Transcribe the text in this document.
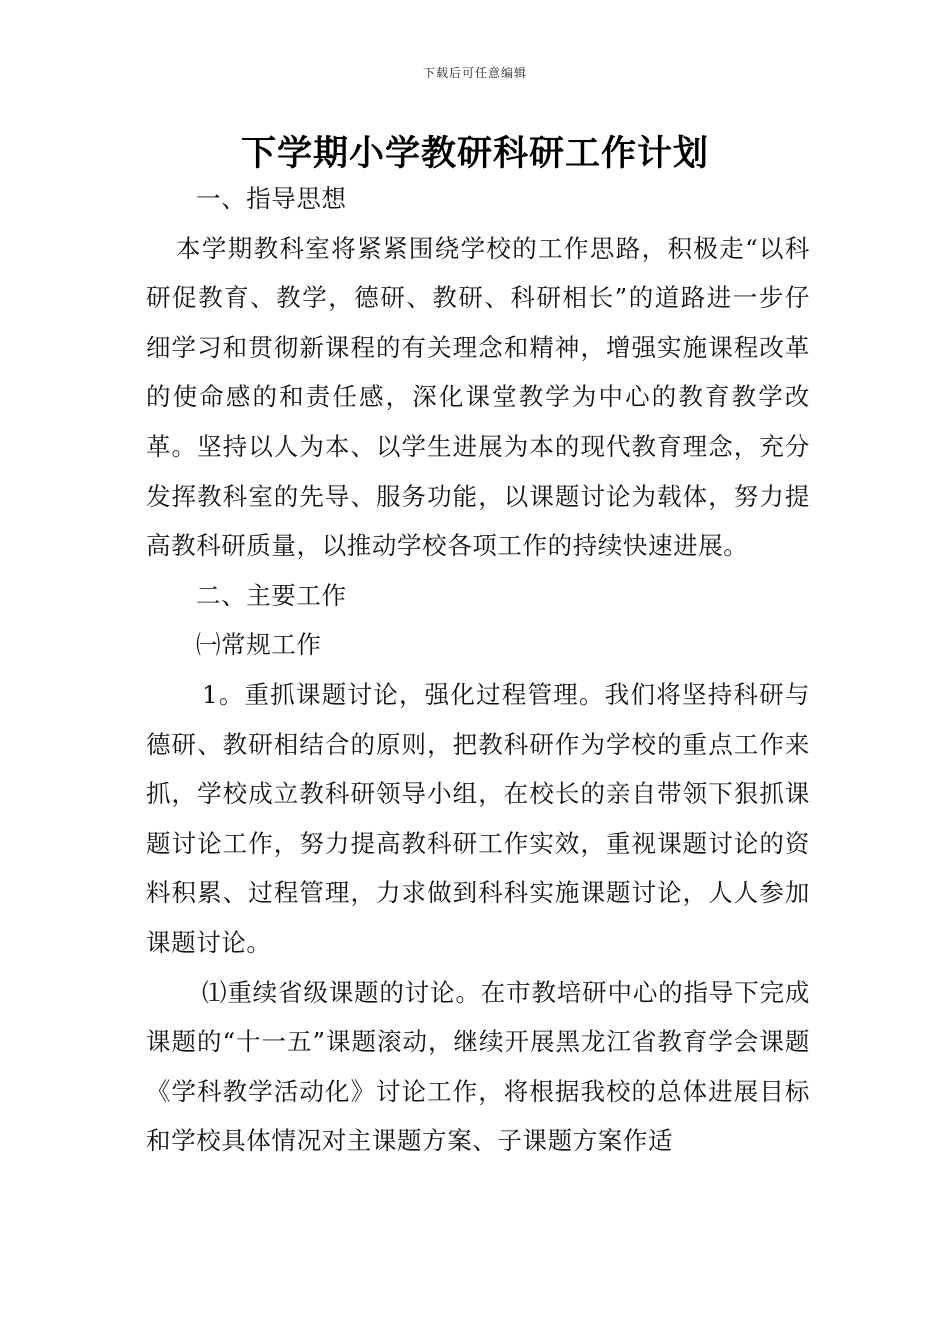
下载后可任意编辑
下学期小学教研科研工作计划

一、指导思想

本学期教科室将紧紧围绕学校的工作思路，积极走“以科研促教育、教学，德研、教研、科研相长”的道路进一步仔细学习和贯彻新课程的有关理念和精神，增强实施课程改革的使命感的和责任感，深化课堂教学为中心的教育教学改革。坚持以人为本、以学生进展为本的现代教育理念，充分发挥教科室的先导、服务功能，以课题讨论为载体，努力提高教科研质量，以推动学校各项工作的持续快速进展。

二、主要工作

㈠常规工作

1。重抓课题讨论，强化过程管理。我们将坚持科研与德研、教研相结合的原则，把教科研作为学校的重点工作来抓，学校成立教科研领导小组，在校长的亲自带领下狠抓课题讨论工作，努力提高教科研工作实效，重视课题讨论的资料积累、过程管理，力求做到科科实施课题讨论，人人参加课题讨论。

⑴重续省级课题的讨论。在市教培研中心的指导下完成课题的“十一五”课题滚动，继续开展黑龙江省教育学会课题《学科教学活动化》讨论工作，将根据我校的总体进展目标和学校具体情况对主课题方案、子课题方案作适
